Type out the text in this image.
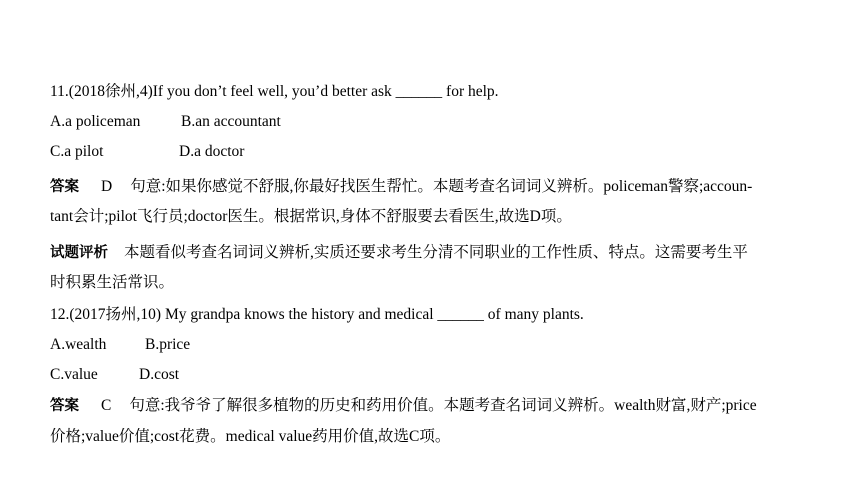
11.(2018徐州,4)If you don’t feel well, you’d better ask ______ for help.
A.a policeman	B.an accountant
C.a pilot	D.a doctor
答案 D 句意:如果你感觉不舒服,你最好找医生帮忙。本题考查名词词义辨析。policeman警察;accoun-
tant会计;pilot飞行员;doctor医生。根据常识,身体不舒服要去看医生,故选D项。
试题评析 本题看似考查名词词义辨析,实质还要求考生分清不同职业的工作性质、特点。这需要考生平
时积累生活常识。
12.(2017扬州,10) My grandpa knows the history and medical ______ of many plants.
A.wealth B.price
C.value	D.cost
答案 C 句意:我爷爷了解很多植物的历史和药用价值。本题考查名词词义辨析。wealth财富,财产;price
价格;value价值;cost花费。medical value药用价值,故选C项。
